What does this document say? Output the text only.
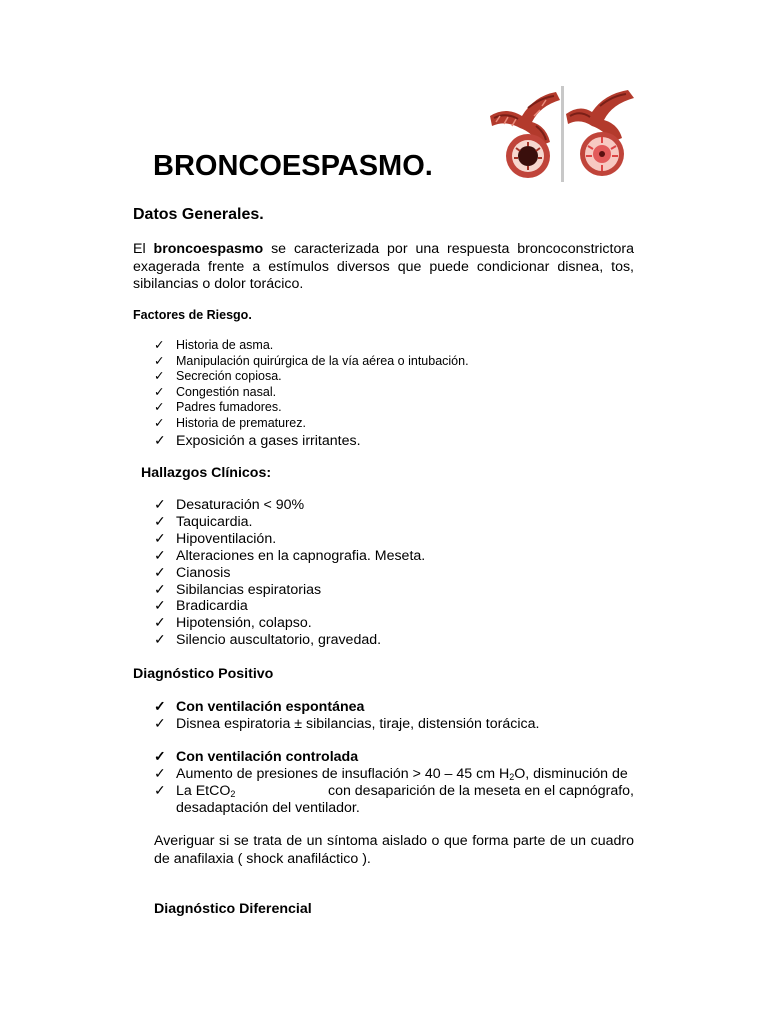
BRONCOESPASMO.
Datos Generales.
El broncoespasmo se caracterizada por una respuesta broncoconstrictora exagerada frente a estímulos diversos que puede condicionar disnea, tos, sibilancias o dolor torácico.
Factores de Riesgo.
✓ Historia de asma.
✓ Manipulación quirúrgica de la vía aérea o intubación.
✓ Secreción copiosa.
✓ Congestión nasal.
✓ Padres fumadores.
✓ Historia de prematurez.
✓ Exposición a gases irritantes.
Hallazgos Clínicos:
✓ Desaturación < 90%
✓ Taquicardia.
✓ Hipoventilación.
✓ Alteraciones en la capnografia. Meseta.
✓ Cianosis
✓ Sibilancias espiratorias
✓ Bradicardia
✓ Hipotensión, colapso.
✓ Silencio auscultatorio, gravedad.
Diagnóstico Positivo
✓ Con ventilación espontánea
✓ Disnea espiratoria ± sibilancias, tiraje, distensión torácica.
✓ Con ventilación controlada
✓ Aumento de presiones de insuflación > 40 – 45 cm $H_2O$, disminución de
✓ La EtCO$_2$	con desaparición de la meseta en el capnógrafo,
desadaptación del ventilador.
Averiguar si se trata de un síntoma aislado o que forma parte de un cuadro de anafilaxia ( shock anafiláctico ).
Diagnóstico Diferencial
